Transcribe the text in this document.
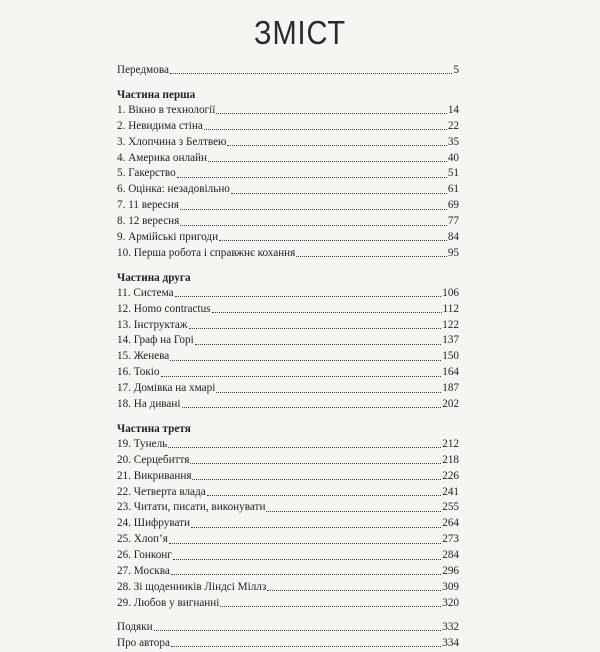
ЗМІСТ
Передмова	5
Частина перша
1. Вікно в технології	14
2. Невидима стіна	22
3. Хлопчина з Белтвею	35
4. Америка онлайн	40
5. Гакерство	51
6. Оцінка: незадовільно	61
7. 11 вересня	69
8. 12 вересня	77
9. Армійські пригоди	84
10. Перша робота і справжнє кохання	95
Частина друга
11. Система	106
12. Homo contractus	112
13. Інструктаж	122
14. Граф на Горі	137
15. Женева	150
16. Токіо	164
17. Домівка на хмарі	187
18. На дивані	202
Частина третя
19. Тунель	212
20. Серцебиття	218
21. Викривання	226
22. Четверта влада	241
23. Читати, писати, виконувати	255
24. Шифрувати	264
25. Хлоп’я	273
26. Гонконг	284
27. Москва	296
28. Зі щоденників Ліндсі Міллз	309
29. Любов у вигнанні	320
Подяки	332
Про автора	334
